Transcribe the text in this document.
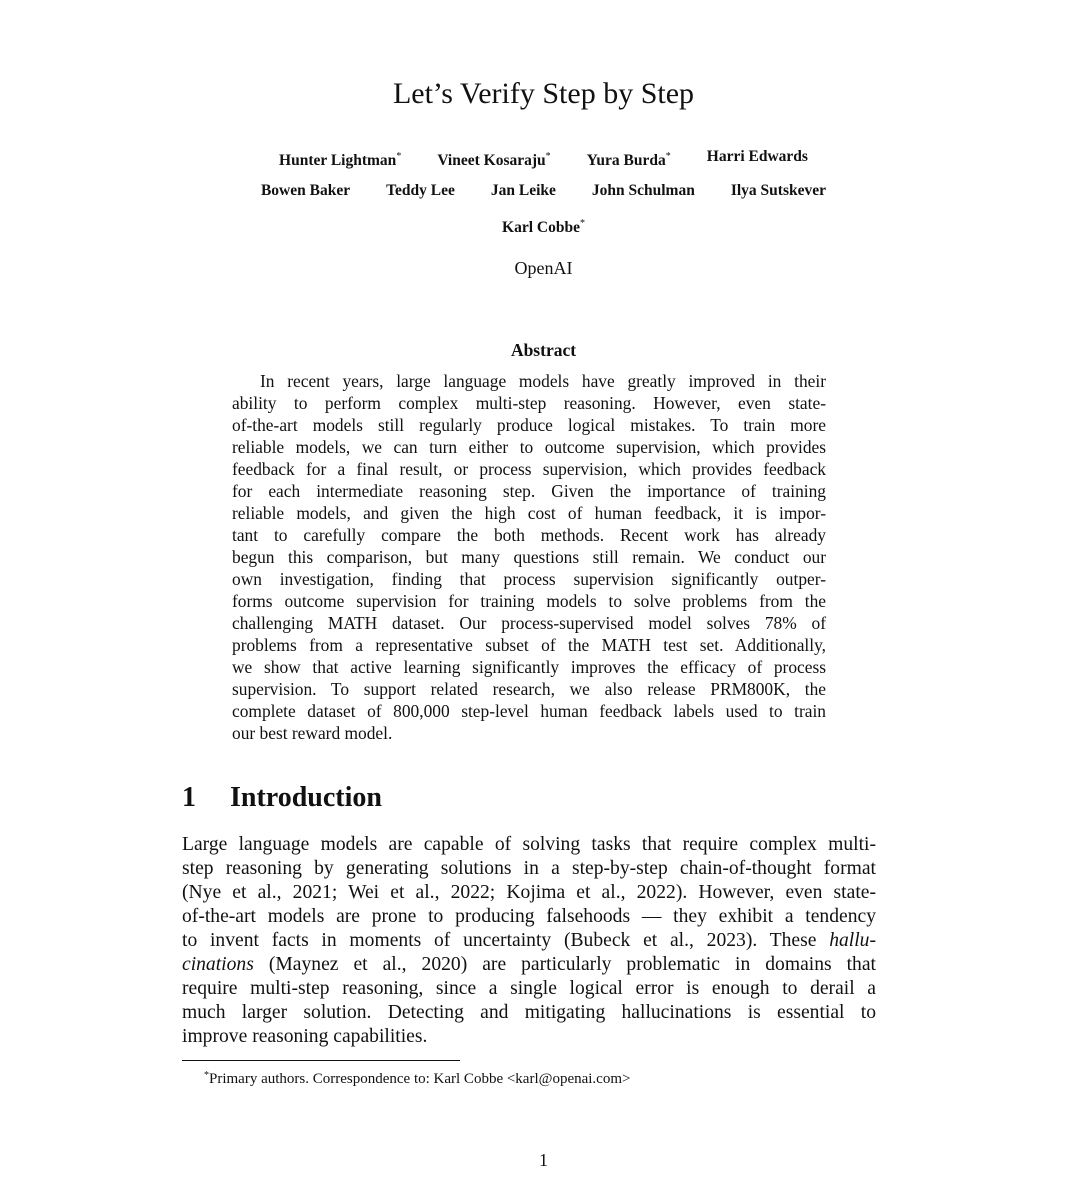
Let’s Verify Step by Step
Hunter Lightman* Vineet Kosaraju* Yura Burda* Harri Edwards
Bowen Baker Teddy Lee Jan Leike John Schulman Ilya Sutskever
Karl Cobbe*
OpenAI
Abstract
In recent years, large language models have greatly improved in their
ability to perform complex multi-step reasoning. However, even state-
of-the-art models still regularly produce logical mistakes. To train more
reliable models, we can turn either to outcome supervision, which provides
feedback for a final result, or process supervision, which provides feedback
for each intermediate reasoning step. Given the importance of training
reliable models, and given the high cost of human feedback, it is impor-
tant to carefully compare the both methods. Recent work has already
begun this comparison, but many questions still remain. We conduct our
own investigation, finding that process supervision significantly outper-
forms outcome supervision for training models to solve problems from the
challenging MATH dataset. Our process-supervised model solves 78% of
problems from a representative subset of the MATH test set. Additionally,
we show that active learning significantly improves the efficacy of process
supervision. To support related research, we also release PRM800K, the
complete dataset of 800,000 step-level human feedback labels used to train
our best reward model.
1 Introduction
Large language models are capable of solving tasks that require complex multi-
step reasoning by generating solutions in a step-by-step chain-of-thought format
(Nye et al., 2021; Wei et al., 2022; Kojima et al., 2022). However, even state-
of-the-art models are prone to producing falsehoods — they exhibit a tendency
to invent facts in moments of uncertainty (Bubeck et al., 2023). These hallu-
cinations (Maynez et al., 2020) are particularly problematic in domains that
require multi-step reasoning, since a single logical error is enough to derail a
much larger solution. Detecting and mitigating hallucinations is essential to
improve reasoning capabilities.
*Primary authors. Correspondence to: Karl Cobbe <karl@openai.com>
1
